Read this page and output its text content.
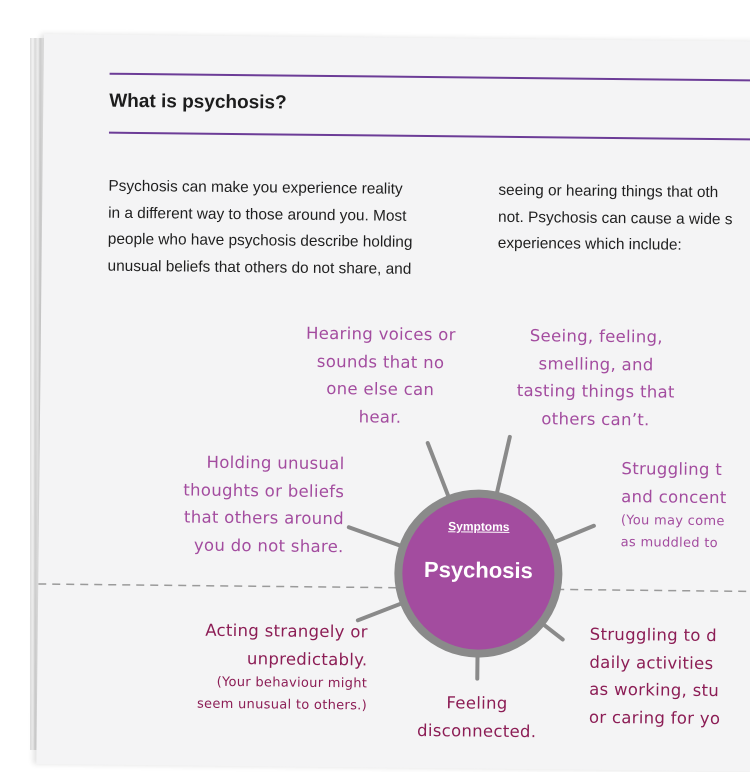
What is psychosis?
Psychosis can make you experience reality
in a different way to those around you. Most
people who have psychosis describe holding
unusual beliefs that others do not share, and
seeing or hearing things that oth
not. Psychosis can cause a wide s
experiences which include:
Symptoms
Psychosis
Hearing voices or
sounds that no
one else can
hear.
Seeing, feeling,
smelling, and
tasting things that
others can’t.
Holding unusual
thoughts or beliefs
that others around
you do not share.
Struggling t
and concent
(You may come
as muddled to
Acting strangely or
unpredictably.
(Your behaviour might
seem unusual to others.)	Feeling
disconnected.
Struggling to d
daily activities
as working, stu
or caring for yo
